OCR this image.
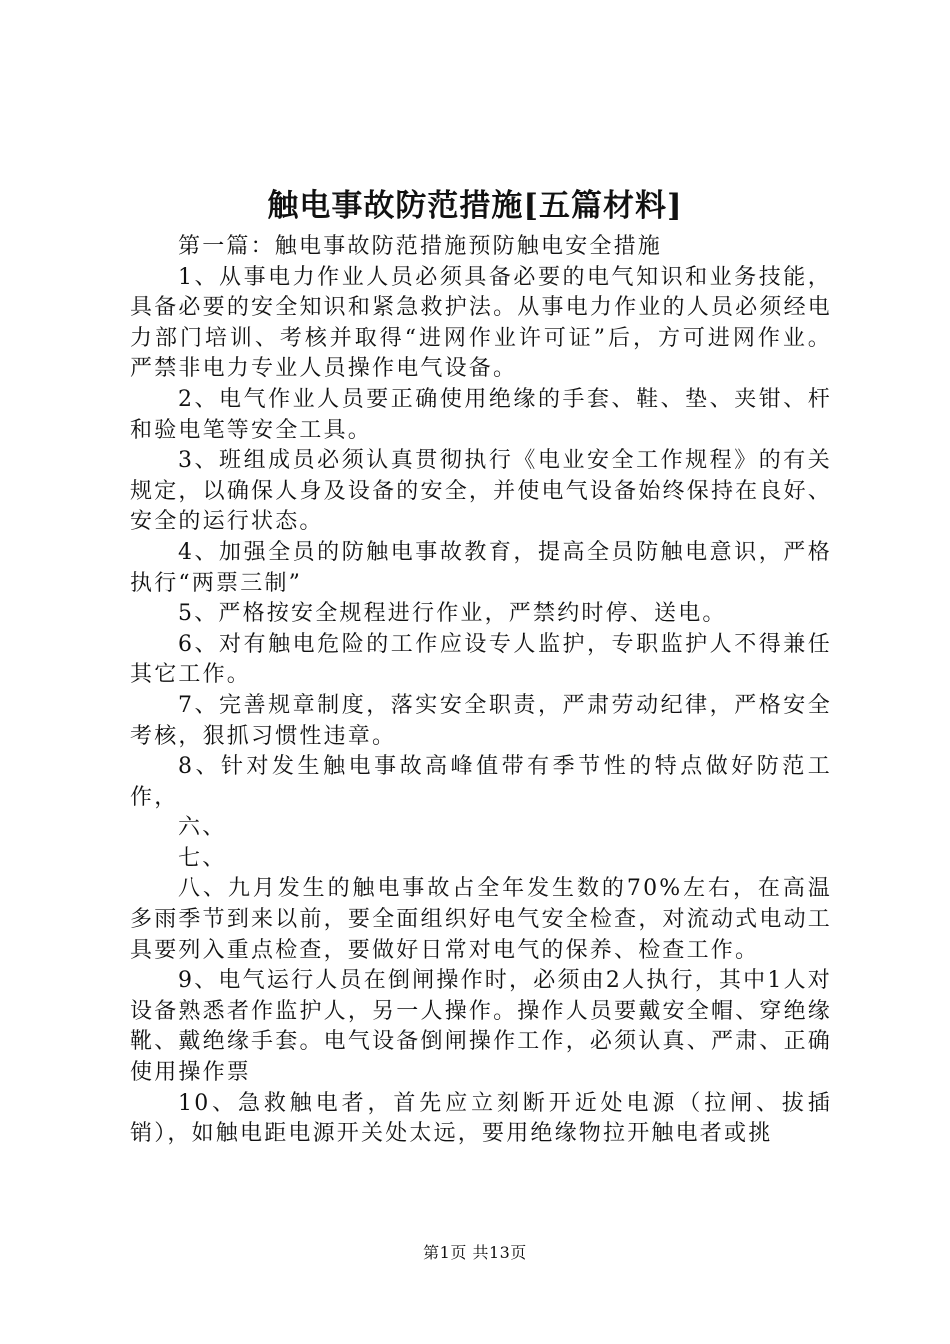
触电事故防范措施[五篇材料]

第一篇：触电事故防范措施预防触电安全措施

1、从事电力作业人员必须具备必要的电气知识和业务技能，具备必要的安全知识和紧急救护法。从事电力作业的人员必须经电力部门培训、考核并取得“进网作业许可证”后，方可进网作业。严禁非电力专业人员操作电气设备。

2、电气作业人员要正确使用绝缘的手套、鞋、垫、夹钳、杆和验电笔等安全工具。

3、班组成员必须认真贯彻执行《电业安全工作规程》的有关规定，以确保人身及设备的安全，并使电气设备始终保持在良好、安全的运行状态。

4、加强全员的防触电事故教育，提高全员防触电意识，严格执行“两票三制”

5、严格按安全规程进行作业，严禁约时停、送电。

6、对有触电危险的工作应设专人监护，专职监护人不得兼任其它工作。

7、完善规章制度，落实安全职责，严肃劳动纪律，严格安全考核，狠抓习惯性违章。

8、针对发生触电事故高峰值带有季节性的特点做好防范工作，

六、

七、

八、九月发生的触电事故占全年发生数的70%左右，在高温多雨季节到来以前，要全面组织好电气安全检查，对流动式电动工具要列入重点检查，要做好日常对电气的保养、检查工作。

9、电气运行人员在倒闸操作时，必须由2人执行，其中1人对设备熟悉者作监护人，另一人操作。操作人员要戴安全帽、穿绝缘靴、戴绝缘手套。电气设备倒闸操作工作，必须认真、严肃、正确使用操作票

10、急救触电者，首先应立刻断开近处电源（拉闸、拔插销），如触电距电源开关处太远，要用绝缘物拉开触电者或挑

第1页 共13页
